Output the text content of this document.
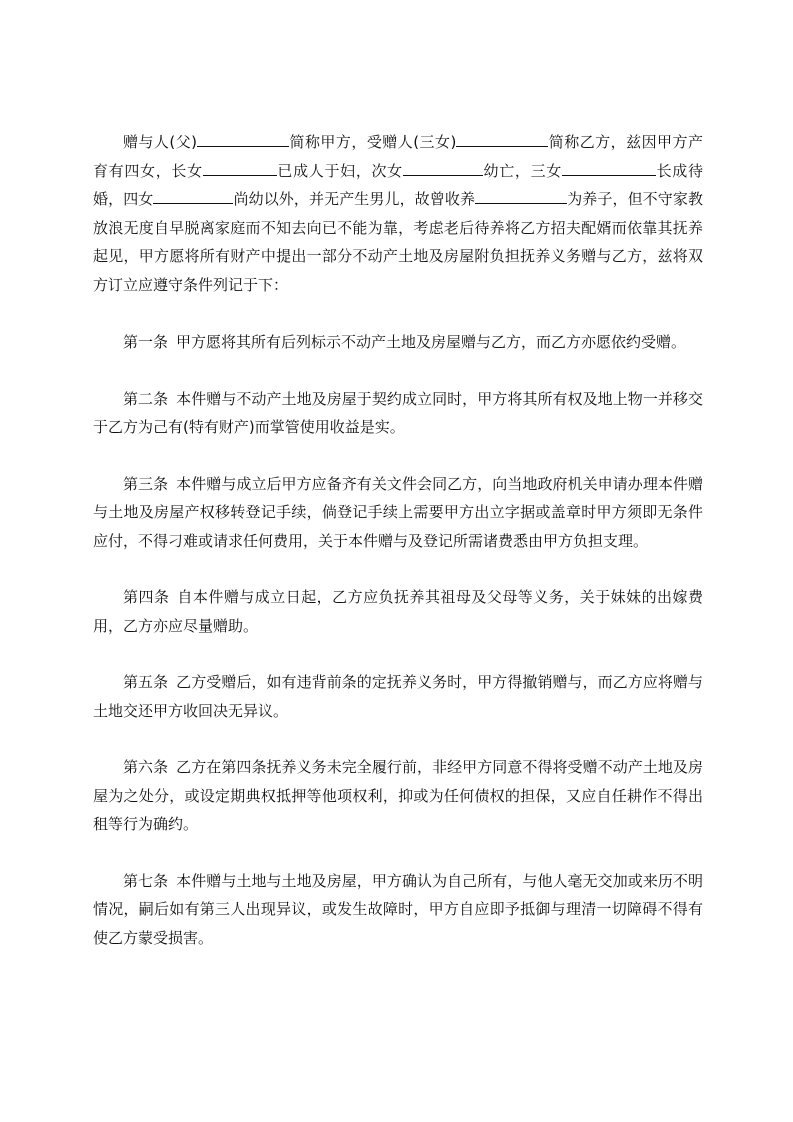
赠与人(父)	简称甲方，受赠人(三女)	简称乙方，兹因甲方产育有四女，长女	已成人于妇，次女	幼亡，三女	长成待婚，四女	尚幼以外，并无产生男儿，故曾收养	为养子，但不守家教放浪无度自早脱离家庭而不知去向已不能为靠，考虑老后待养将乙方招夫配婿而依靠其抚养起见，甲方愿将所有财产中提出一部分不动产土地及房屋附负担抚养义务赠与乙方，兹将双方订立应遵守条件列记于下：

第一条 甲方愿将其所有后列标示不动产土地及房屋赠与乙方，而乙方亦愿依约受赠。

第二条 本件赠与不动产土地及房屋于契约成立同时，甲方将其所有权及地上物一并移交于乙方为己有(特有财产)而掌管使用收益是实。

第三条 本件赠与成立后甲方应备齐有关文件会同乙方，向当地政府机关申请办理本件赠与土地及房屋产权移转登记手续，倘登记手续上需要甲方出立字据或盖章时甲方须即无条件应付，不得刁难或请求任何费用，关于本件赠与及登记所需诸费悉由甲方负担支理。

第四条 自本件赠与成立日起，乙方应负抚养其祖母及父母等义务，关于妹妹的出嫁费用，乙方亦应尽量赠助。

第五条 乙方受赠后，如有违背前条的定抚养义务时，甲方得撤销赠与，而乙方应将赠与土地交还甲方收回决无异议。

第六条 乙方在第四条抚养义务未完全履行前，非经甲方同意不得将受赠不动产土地及房屋为之处分，或设定期典权抵押等他项权利，抑或为任何债权的担保，又应自任耕作不得出租等行为确约。

第七条 本件赠与土地与土地及房屋，甲方确认为自己所有，与他人毫无交加或来历不明情况，嗣后如有第三人出现异议，或发生故障时，甲方自应即予抵御与理清一切障碍不得有使乙方蒙受损害。
